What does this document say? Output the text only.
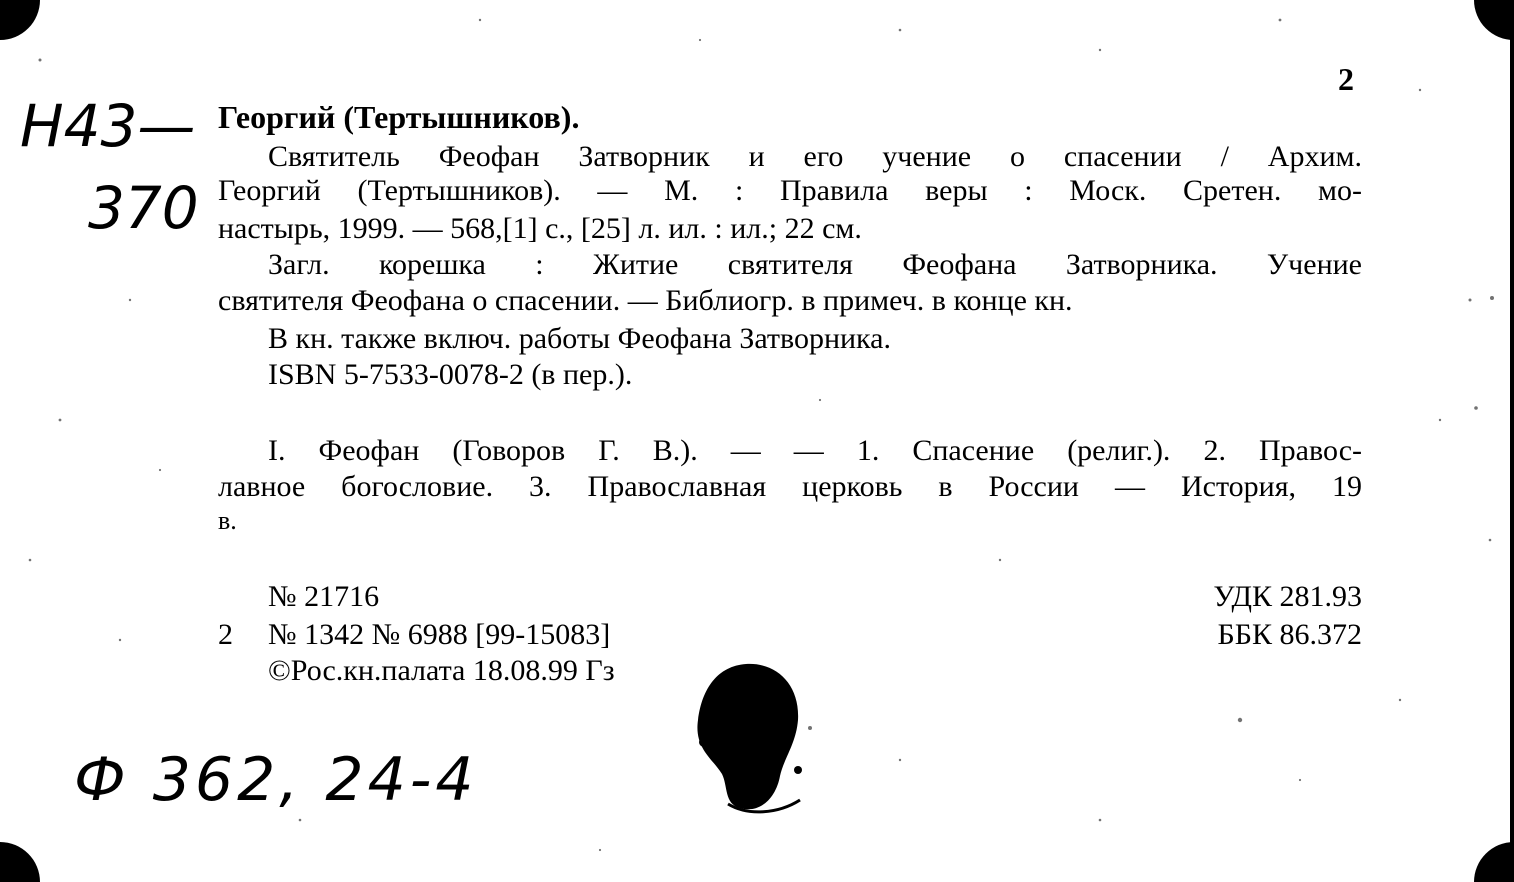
2
Н43—
370
Георгий (Тертышников).
Святитель Феофан Затворник и его учение о спасении / Архим.
Георгий (Тертышников). — М. : Правила веры : Моск. Сретен. мо-
настырь, 1999. — 568,[1] с., [25] л. ил. : ил.; 22 см.
Загл. корешка : Житие святителя Феофана Затворника. Учение
святителя Феофана о спасении. — Библиогр. в примеч. в конце кн.
В кн. также включ. работы Феофана Затворника.
ISBN 5-7533-0078-2 (в пер.).
I. Феофан (Говоров Г. В.). — — 1. Спасение (религ.). 2. Правос-
лавное богословие. 3. Православная церковь в России — История, 19
в.
№ 21716
2 № 1342 № 6988 [99-15083]
©Рос.кн.палата 18.08.99 Гз
УДК 281.93
ББК 86.372
Ф 362, 24-4
